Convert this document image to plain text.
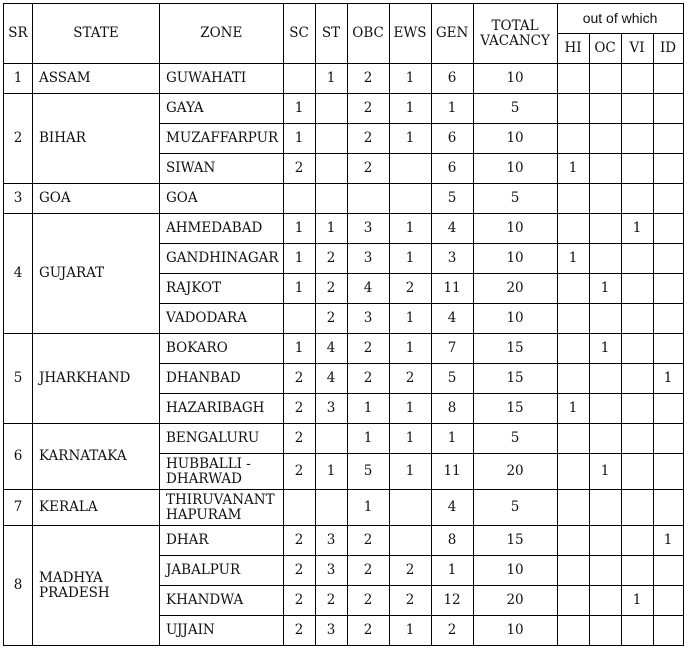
SR	STATE	ZONE	SC	ST	OBC	EWS	GEN	TOTAL
VACANCY	out of which			
									HI	OC	VI	ID
1	ASSAM	GUWAHATI		1	2	1	6	10				
2	BIHAR	GAYA	1		2	1	1	5				
		MUZAFFARPUR	1		2	1	6	10				
		SIWAN	2		2		6	10	1			
3	GOA	GOA					5	5				
4	GUJARAT	AHMEDABAD	1	1	3	1	4	10			1	
		GANDHINAGAR	1	2	3	1	3	10	1			
		RAJKOT	1	2	4	2	11	20		1		
		VADODARA		2	3	1	4	10				
5	JHARKHAND	BOKARO	1	4	2	1	7	15		1		
		DHANBAD	2	4	2	2	5	15				1
		HAZARIBAGH	2	3	1	1	8	15	1			
6	KARNATAKA	BENGALURU	2		1	1	1	5				
		HUBBALLI - DHARWAD	2	1	5	1	11	20		1		
7	KERALA	THIRUVANANT HAPURAM			1		4	5				
8	MADHYA PRADESH	DHAR	2	3	2		8	15				1
		JABALPUR	2	3	2	2	1	10				
		KHANDWA	2	2	2	2	12	20			1	
		UJJAIN	2	3	2	1	2	10				
